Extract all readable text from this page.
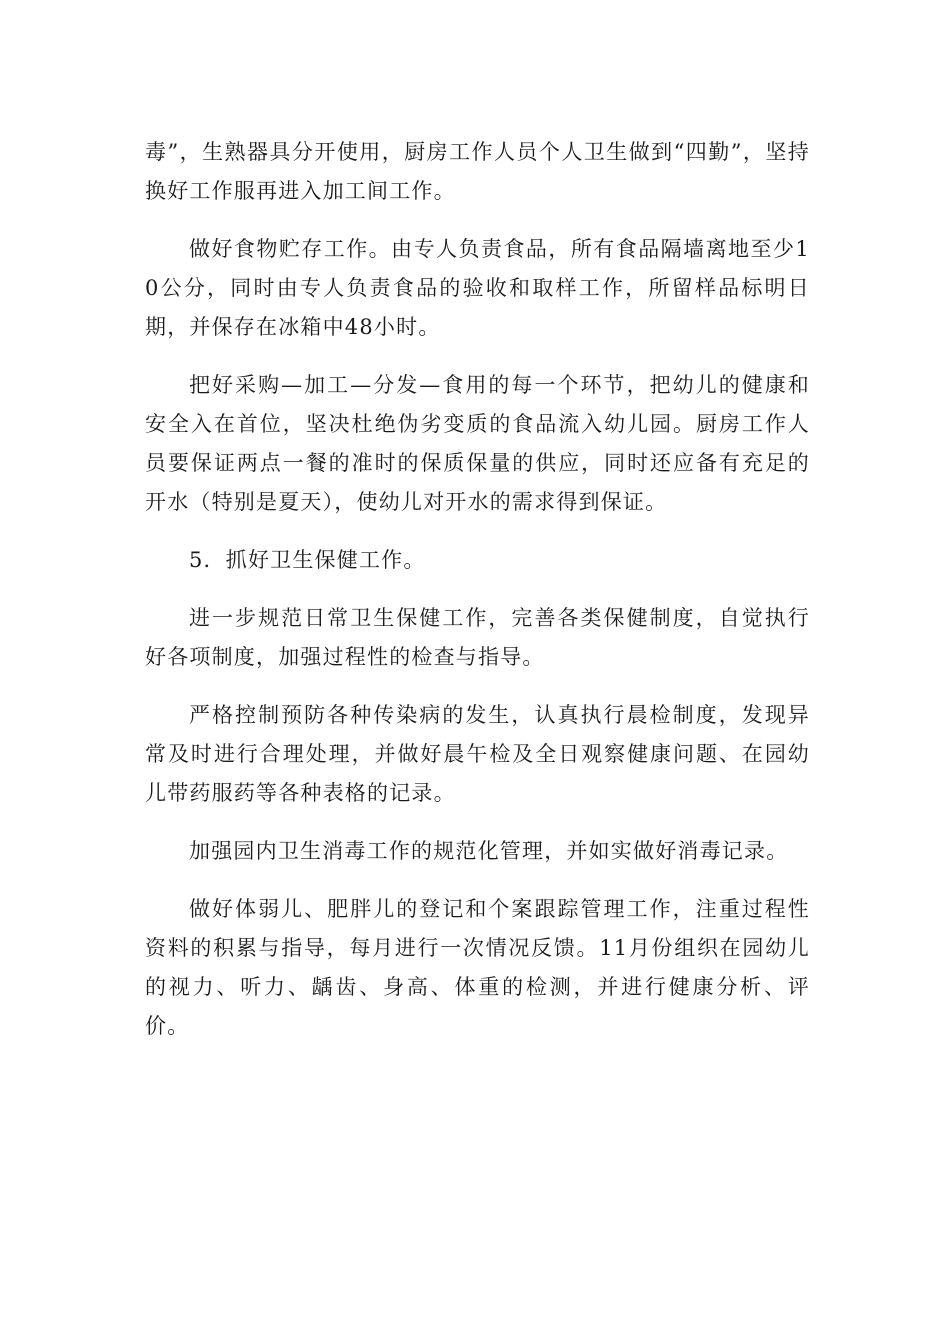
毒”，生熟器具分开使用，厨房工作人员个人卫生做到“四勤”，坚持换好工作服再进入加工间工作。

做好食物贮存工作。由专人负责食品，所有食品隔墙离地至少10公分，同时由专人负责食品的验收和取样工作，所留样品标明日期，并保存在冰箱中48小时。

把好采购—加工—分发—食用的每一个环节，把幼儿的健康和安全入在首位，坚决杜绝伪劣变质的食品流入幼儿园。厨房工作人员要保证两点一餐的准时的保质保量的供应，同时还应备有充足的开水（特别是夏天），使幼儿对开水的需求得到保证。

5．抓好卫生保健工作。

进一步规范日常卫生保健工作，完善各类保健制度，自觉执行好各项制度，加强过程性的检查与指导。

严格控制预防各种传染病的发生，认真执行晨检制度，发现异常及时进行合理处理，并做好晨午检及全日观察健康问题、在园幼儿带药服药等各种表格的记录。

加强园内卫生消毒工作的规范化管理，并如实做好消毒记录。

做好体弱儿、肥胖儿的登记和个案跟踪管理工作，注重过程性资料的积累与指导，每月进行一次情况反馈。11月份组织在园幼儿的视力、听力、龋齿、身高、体重的检测，并进行健康分析、评价。
